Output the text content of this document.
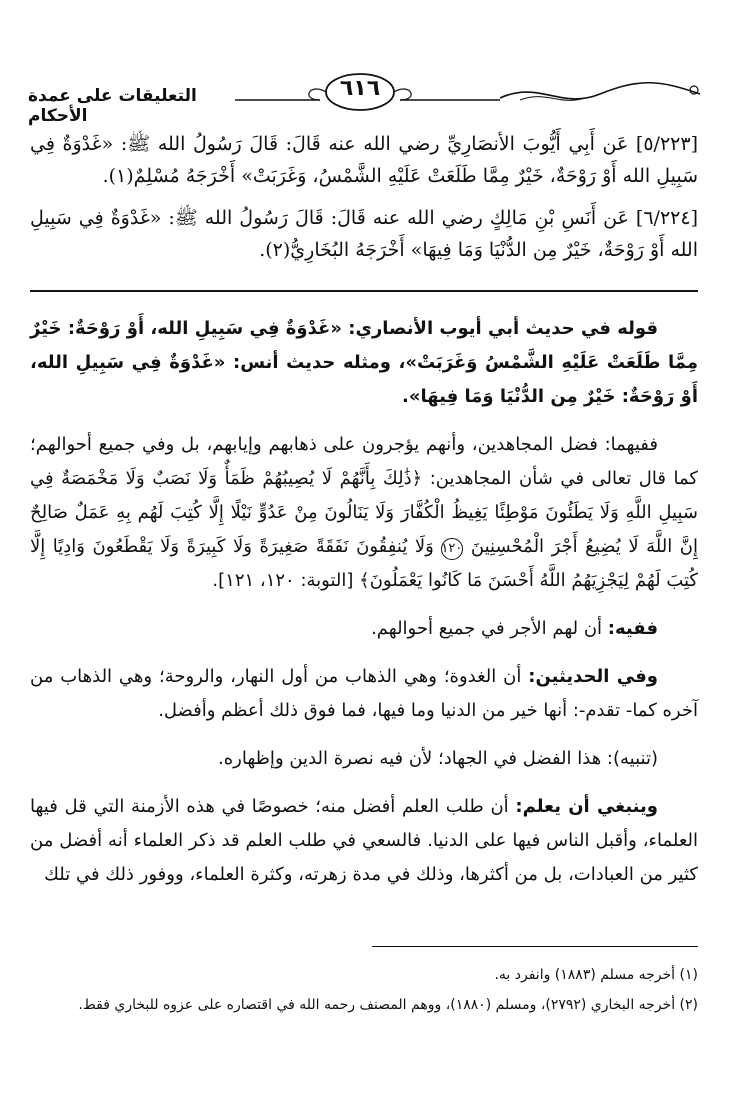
التعليقات على عمدة الأحكام
٦١٦

[٥/٢٢٣] عَن أَبِي أَيُّوبَ الأنصَارِيِّ رضي الله عنه قَالَ: قَالَ رَسُولُ الله ﷺ: «غَدْوَةٌ فِي سَبِيلِ الله أَوْ رَوْحَةٌ، خَيْرٌ مِمَّا طَلَعَتْ عَلَيْهِ الشَّمْسُ، وَغَرَبَتْ» أَخْرَجَهُ مُسْلِمٌ(١).

[٦/٢٢٤] عَن أَنَسِ بْنِ مَالِكٍ رضي الله عنه قَالَ: قَالَ رَسُولُ الله ﷺ: «غَدْوَةٌ فِي سَبِيلِ الله أَوْ رَوْحَةٌ، خَيْرٌ مِن الدُّنْيَا وَمَا فِيهَا» أَخْرَجَهُ البُخَارِيُّ(٢).

قوله في حديث أبي أيوب الأنصاري: «غَدْوَةٌ فِي سَبِيلِ الله، أَوْ رَوْحَةٌ: خَيْرٌ مِمَّا طَلَعَتْ عَلَيْهِ الشَّمْسُ وَغَرَبَتْ»، ومثله حديث أنس: «غَدْوَةٌ فِي سَبِيلِ الله، أَوْ رَوْحَةٌ: خَيْرٌ مِن الدُّنْيَا وَمَا فِيهَا».

ففيهما: فضل المجاهدين، وأنهم يؤجرون على ذهابهم وإيابهم، بل وفي جميع أحوالهم؛ كما قال تعالى في شأن المجاهدين: ﴿ذَٰلِكَ بِأَنَّهُمْ لَا يُصِيبُهُمْ ظَمَأٌ وَلَا نَصَبٌ وَلَا مَخْمَصَةٌ فِي سَبِيلِ اللَّهِ وَلَا يَطَئُونَ مَوْطِئًا يَغِيظُ الْكُفَّارَ وَلَا يَنَالُونَ مِنْ عَدُوٍّ نَيْلًا إِلَّا كُتِبَ لَهُم بِهِ عَمَلٌ صَالِحٌ إِنَّ اللَّهَ لَا يُضِيعُ أَجْرَ الْمُحْسِنِينَ ١٢٠ وَلَا يُنفِقُونَ نَفَقَةً صَغِيرَةً وَلَا كَبِيرَةً وَلَا يَقْطَعُونَ وَادِيًا إِلَّا كُتِبَ لَهُمْ لِيَجْزِيَهُمُ اللَّهُ أَحْسَنَ مَا كَانُوا يَعْمَلُونَ﴾ [التوبة: ١٢٠، ١٢١].

ففيه: أن لهم الأجر في جميع أحوالهم.

وفي الحديثين: أن الغدوة؛ وهي الذهاب من أول النهار، والروحة؛ وهي الذهاب من آخره كما- تقدم-: أنها خير من الدنيا وما فيها، فما فوق ذلك أعظم وأفضل.

(تنبيه): هذا الفضل في الجهاد؛ لأن فيه نصرة الدين وإظهاره.

وينبغي أن يعلم: أن طلب العلم أفضل منه؛ خصوصًا في هذه الأزمنة التي قل فيها العلماء، وأقبل الناس فيها على الدنيا. فالسعي في طلب العلم قد ذكر العلماء أنه أفضل من كثير من العبادات، بل من أكثرها، وذلك في مدة زهرته، وكثرة العلماء، ووفور ذلك في تلك

(١) أخرجه مسلم (١٨٨٣) وانفرد به.

(٢) أخرجه البخاري (٢٧٩٢)، ومسلم (١٨٨٠)، ووهم المصنف رحمه الله في اقتصاره على عزوه للبخاري فقط.
